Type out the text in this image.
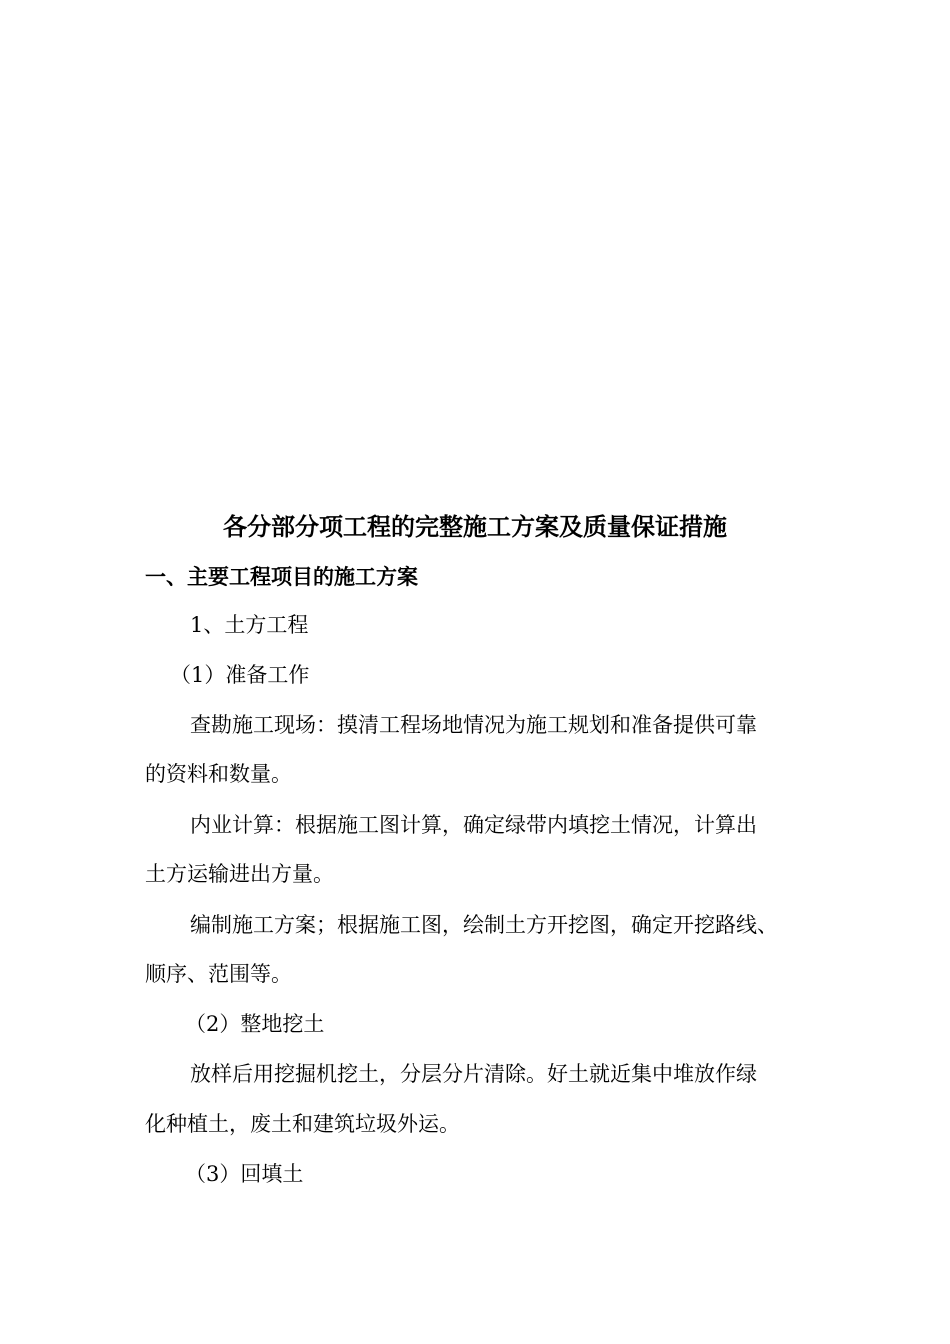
各分部分项工程的完整施工方案及质量保证措施
一、主要工程项目的施工方案

1、土方工程

（1）准备工作

查勘施工现场：摸清工程场地情况为施工规划和准备提供可靠

的资料和数量。

内业计算：根据施工图计算，确定绿带内填挖土情况，计算出

土方运输进出方量。

编制施工方案；根据施工图，绘制土方开挖图，确定开挖路线、

顺序、范围等。

（2）整地挖土

放样后用挖掘机挖土，分层分片清除。好土就近集中堆放作绿

化种植土，废土和建筑垃圾外运。

（3）回填土
